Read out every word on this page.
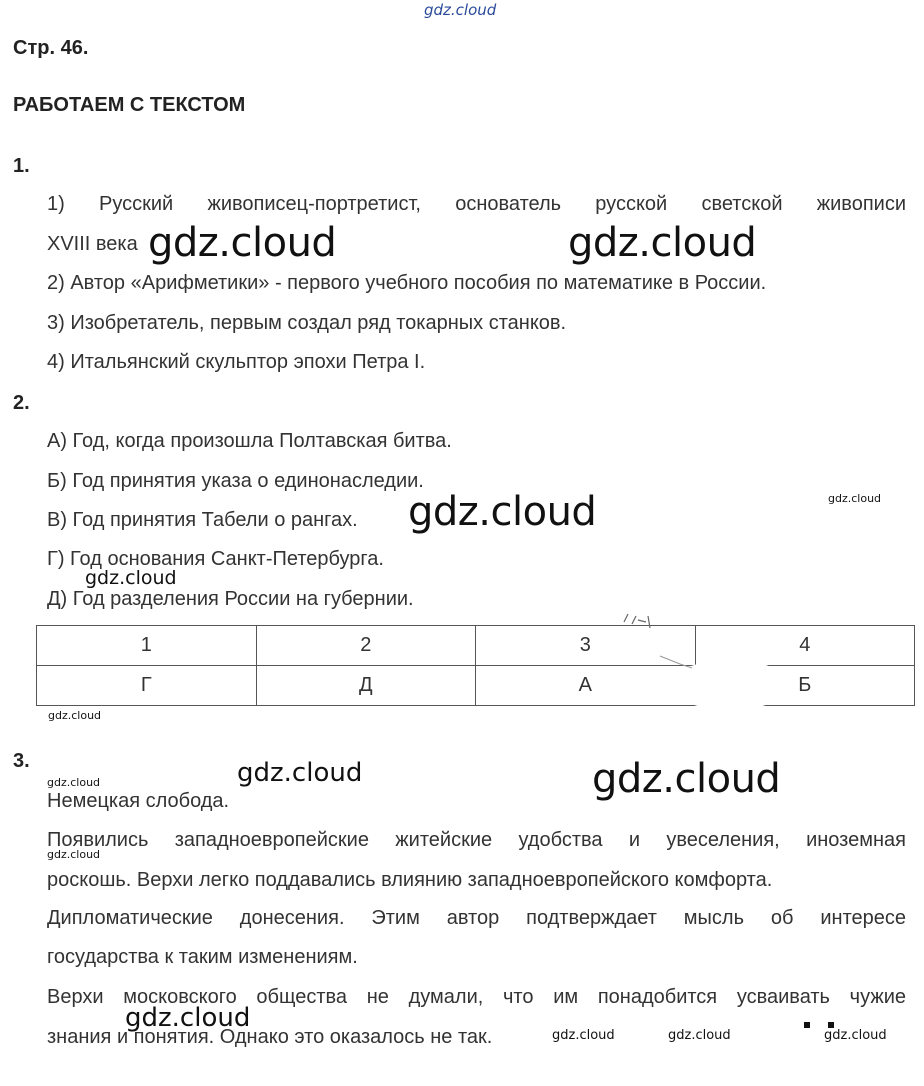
gdz.cloud
Стр. 46.
РАБОТАЕМ С ТЕКСТОМ
1.
1) Русский живописец-портретист, основатель русской светской живописи
XVIII века
2) Автор «Арифметики» - первого учебного пособия по математике в России.
3) Изобретатель, первым создал ряд токарных станков.
4) Итальянский скульптор эпохи Петра I.
2.
А) Год, когда произошла Полтавская битва.
Б) Год принятия указа о единонаследии.
В) Год принятия Табели о рангах.
Г) Год основания Санкт-Петербурга.
Д) Год разделения России на губернии.
1	2	3	4
Г	Д	А	Б
3.
Немецкая слобода.
Появились западноевропейские житейские удобства и увеселения, иноземная
роскошь. Верхи легко поддавались влиянию западноевропейского комфорта.
Дипломатические донесения. Этим автор подтверждает мысль об интересе
государства к таким изменениям.
Верхи московского общества не думали, что им понадобится усваивать чужие
знания и понятия. Однако это оказалось не так.
gdz.cloud	gdz.cloud
gdz.cloud	gdz.cloud
gdz.cloud
gdz.cloud
gdz.cloud	gdz.cloud
gdz.cloud
gdz.cloud
gdz.cloud
gdz.cloud	gdz.cloud	gdz.cloud
